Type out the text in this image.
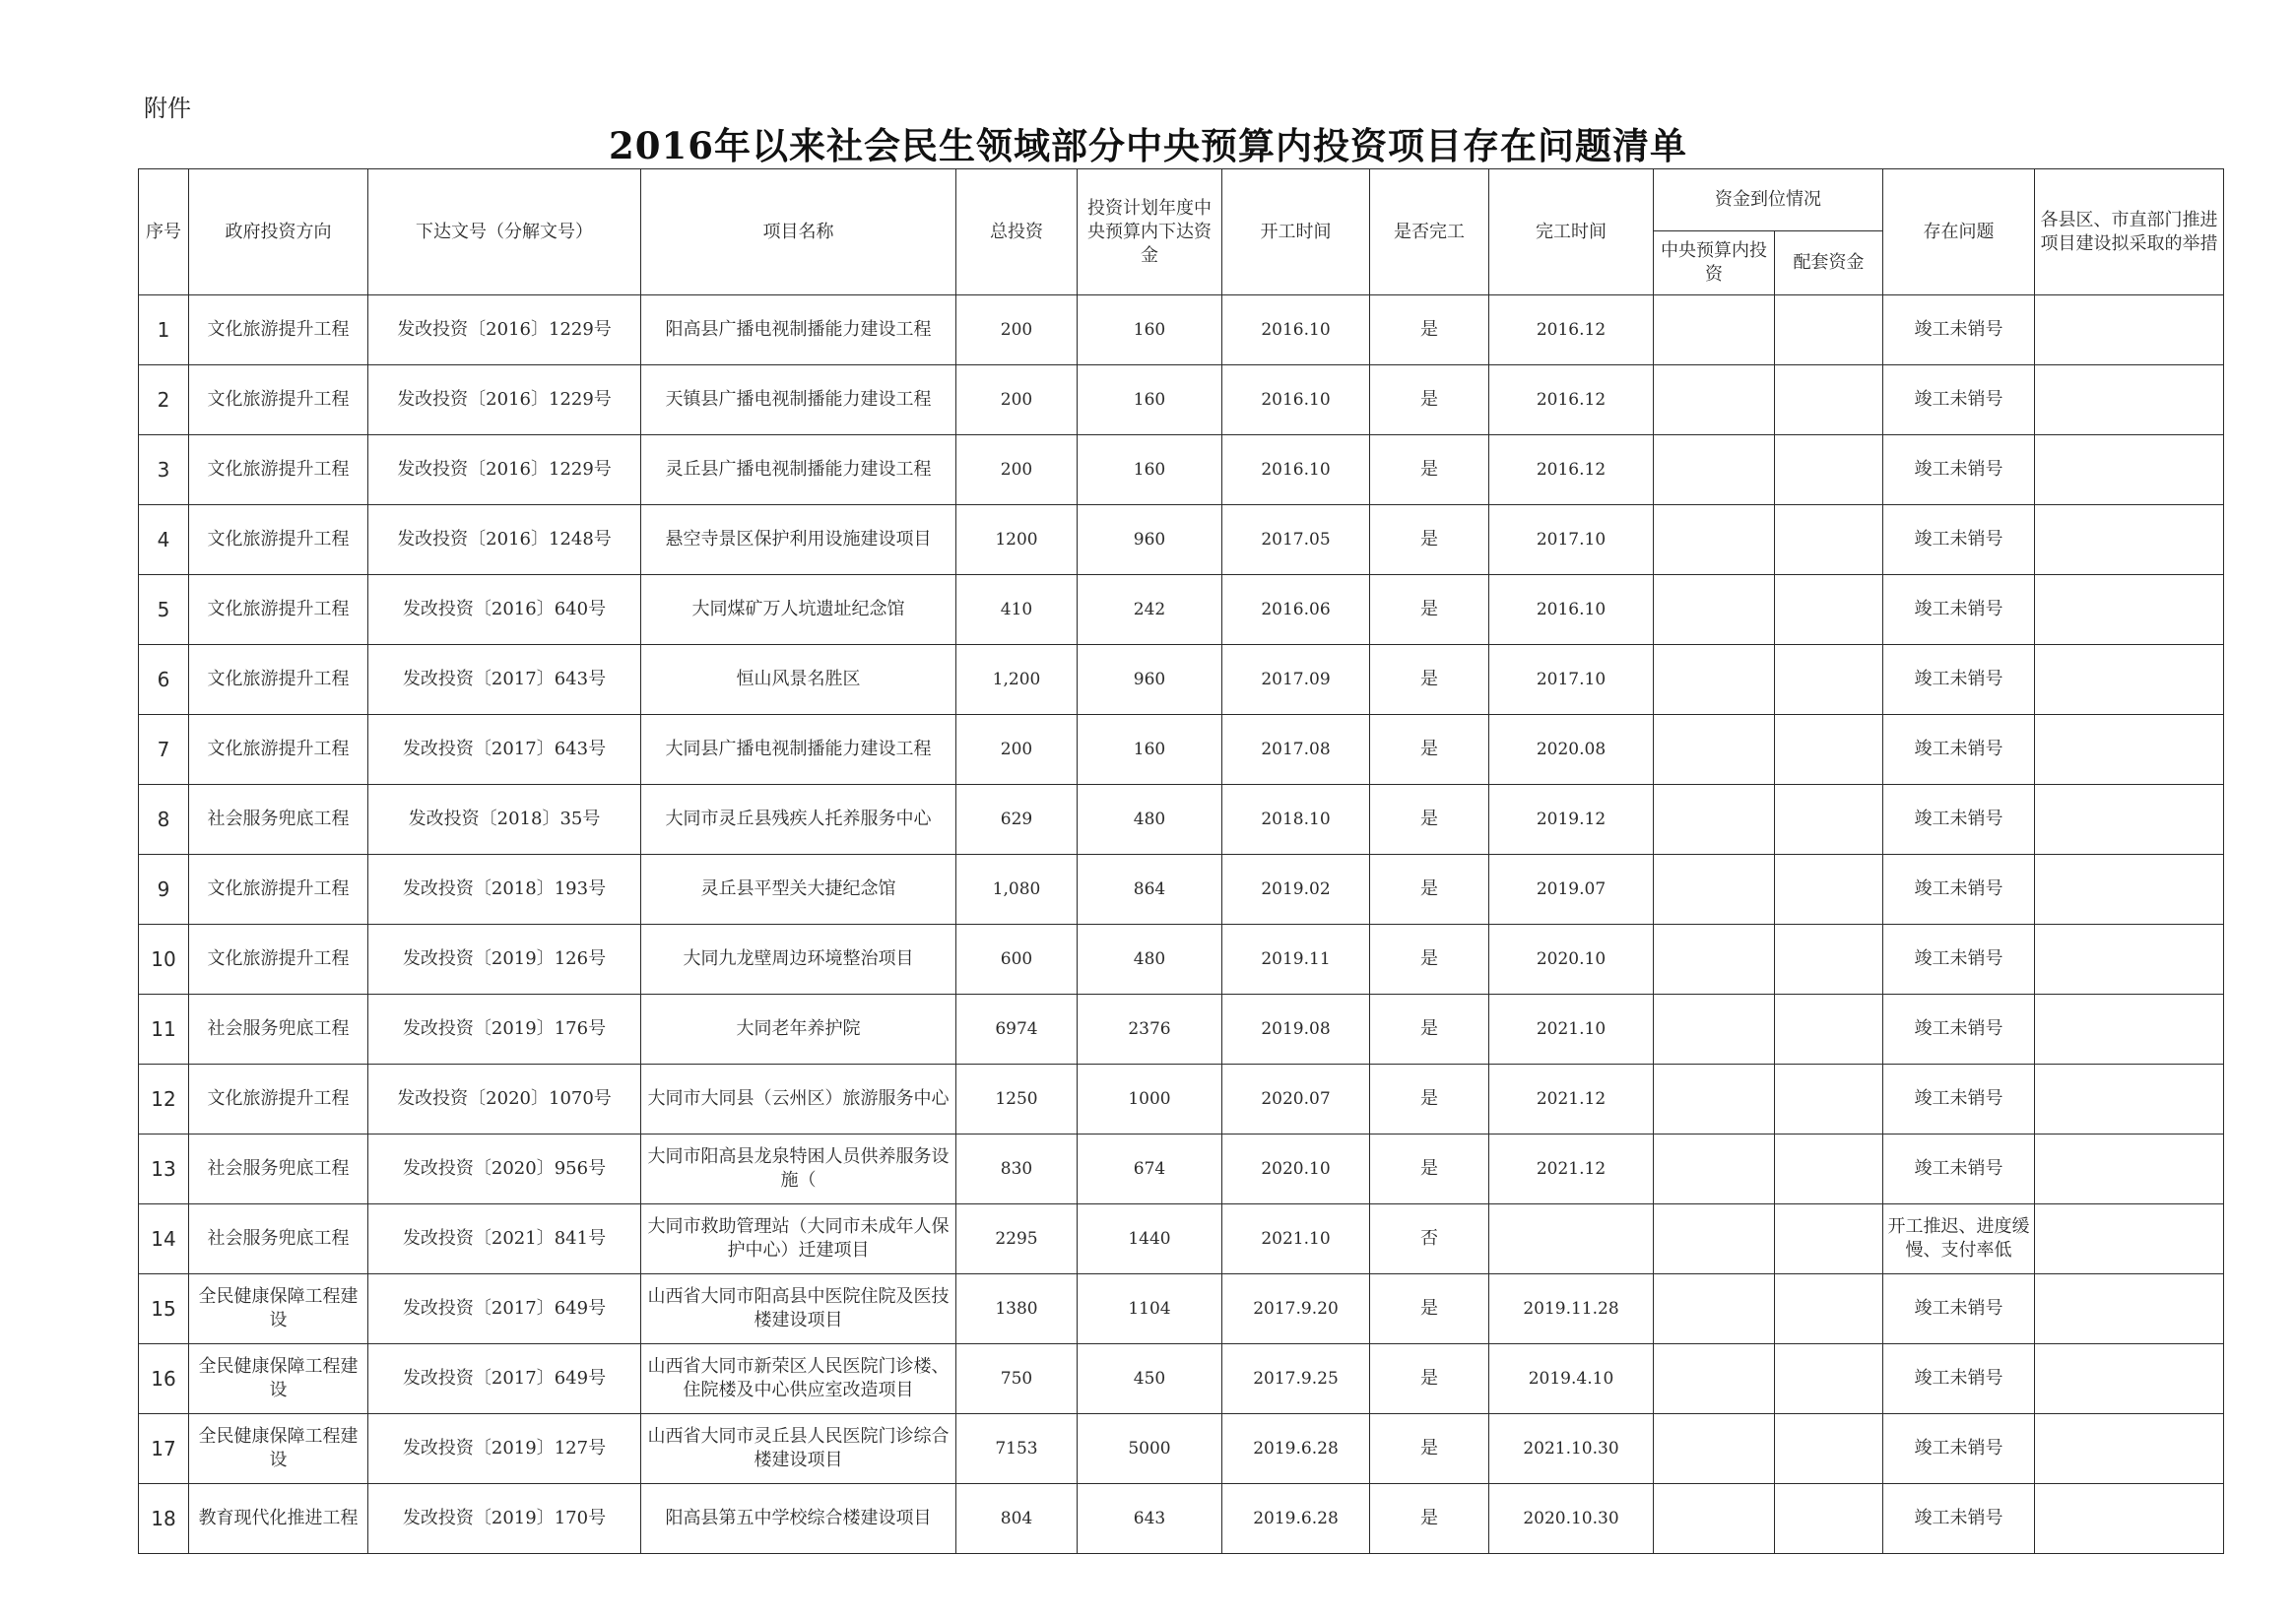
附件
2016年以来社会民生领域部分中央预算内投资项目存在问题清单
序号	政府投资方向	下达文号（分解文号）	项目名称	总投资	投资计划年度中央预算内下达资金	开工时间	是否完工	完工时间	资金到位情况		存在问题	各县区、市直部门推进项目建设拟采取的举措
									中央预算内投资	配套资金		
1	文化旅游提升工程	发改投资〔2016〕1229号	阳高县广播电视制播能力建设工程	200	160	2016.10	是	2016.12			竣工未销号	
2	文化旅游提升工程	发改投资〔2016〕1229号	天镇县广播电视制播能力建设工程	200	160	2016.10	是	2016.12			竣工未销号	
3	文化旅游提升工程	发改投资〔2016〕1229号	灵丘县广播电视制播能力建设工程	200	160	2016.10	是	2016.12			竣工未销号	
4	文化旅游提升工程	发改投资〔2016〕1248号	悬空寺景区保护利用设施建设项目	1200	960	2017.05	是	2017.10			竣工未销号	
5	文化旅游提升工程	发改投资〔2016〕640号	大同煤矿万人坑遗址纪念馆	410	242	2016.06	是	2016.10			竣工未销号	
6	文化旅游提升工程	发改投资〔2017〕643号	恒山风景名胜区	1,200	960	2017.09	是	2017.10			竣工未销号	
7	文化旅游提升工程	发改投资〔2017〕643号	大同县广播电视制播能力建设工程	200	160	2017.08	是	2020.08			竣工未销号	
8	社会服务兜底工程	发改投资〔2018〕35号	大同市灵丘县残疾人托养服务中心	629	480	2018.10	是	2019.12			竣工未销号	
9	文化旅游提升工程	发改投资〔2018〕193号	灵丘县平型关大捷纪念馆	1,080	864	2019.02	是	2019.07			竣工未销号	
10	文化旅游提升工程	发改投资〔2019〕126号	大同九龙壁周边环境整治项目	600	480	2019.11	是	2020.10			竣工未销号	
11	社会服务兜底工程	发改投资〔2019〕176号	大同老年养护院	6974	2376	2019.08	是	2021.10			竣工未销号	
12	文化旅游提升工程	发改投资〔2020〕1070号	大同市大同县（云州区）旅游服务中心	1250	1000	2020.07	是	2021.12			竣工未销号	
13	社会服务兜底工程	发改投资〔2020〕956号	大同市阳高县龙泉特困人员供养服务设施（	830	674	2020.10	是	2021.12			竣工未销号	
14	社会服务兜底工程	发改投资〔2021〕841号	大同市救助管理站（大同市未成年人保护中心）迁建项目	2295	1440	2021.10	否				开工推迟、进度缓慢、支付率低	
15	全民健康保障工程建设	发改投资〔2017〕649号	山西省大同市阳高县中医院住院及医技楼建设项目	1380	1104	2017.9.20	是	2019.11.28			竣工未销号	
16	全民健康保障工程建设	发改投资〔2017〕649号	山西省大同市新荣区人民医院门诊楼、住院楼及中心供应室改造项目	750	450	2017.9.25	是	2019.4.10			竣工未销号	
17	全民健康保障工程建设	发改投资〔2019〕127号	山西省大同市灵丘县人民医院门诊综合楼建设项目	7153	5000	2019.6.28	是	2021.10.30			竣工未销号	
18	教育现代化推进工程	发改投资〔2019〕170号	阳高县第五中学校综合楼建设项目	804	643	2019.6.28	是	2020.10.30			竣工未销号	
